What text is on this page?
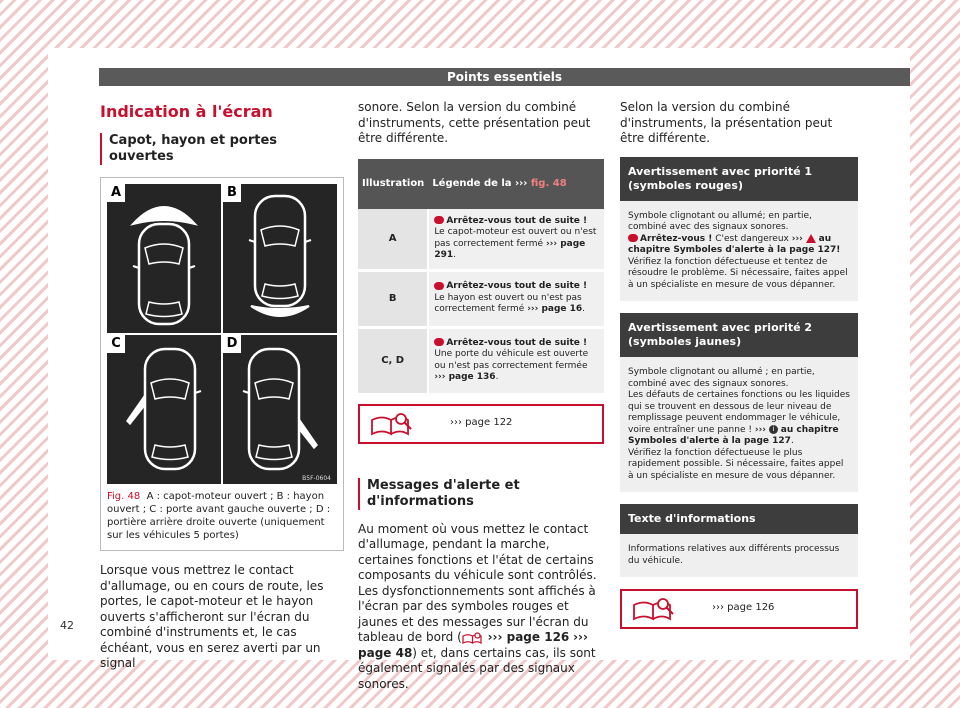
Points essentiels
Indication à l'écran
Capot, hayon et portes ouvertes
A	B
C	D
B5F-0604
Fig. 48 A : capot-moteur ouvert ; B : hayon ouvert ; C : porte avant gauche ouverte ; D : portière arrière droite ouverte (uniquement sur les véhicules 5 portes)

Lorsque vous mettrez le contact d'allumage, ou en cours de route, les portes, le capot-moteur et le hayon ouverts s'afficheront sur l'écran du combiné d'instruments et, le cas échéant, vous en serez averti par un signal

sonore. Selon la version du combiné d'instruments, cette présentation peut être différente.

Illustration	Légende de la ››› fig. 48
A	Arrêtez-vous tout de suite !
Le capot-moteur est ouvert ou n'est pas correctement fermé ››› page 291.
B	Arrêtez-vous tout de suite !
Le hayon est ouvert ou n'est pas correctement fermé ››› page 16.
C, D	Arrêtez-vous tout de suite !
Une porte du véhicule est ouverte ou n'est pas correctement fermée ››› page 136.
››› page 122
Messages d'alerte et d'informations

Au moment où vous mettez le contact d'allumage, pendant la marche, certaines fonctions et l'état de certains composants du véhicule sont contrôlés. Les dysfonctionnements sont affichés à l'écran par des symboles rouges et jaunes et des messages sur l'écran du tableau de bord ( ››› page 126 ››› page 48) et, dans certains cas, ils sont également signalés par des signaux sonores.

Selon la version du combiné d'instruments, la présentation peut être différente.

Avertissement avec priorité 1 (symboles rouges)
Symbole clignotant ou allumé; en partie, combiné avec des signaux sonores.
Arrêtez-vous ! C'est dangereux ››› au chapitre Symboles d'alerte à la page 127!
Vérifiez la fonction défectueuse et tentez de résoudre le problème. Si nécessaire, faites appel à un spécialiste en mesure de vous dépanner.
Avertissement avec priorité 2 (symboles jaunes)
Symbole clignotant ou allumé ; en partie, combiné avec des signaux sonores.
Les défauts de certaines fonctions ou les liquides qui se trouvent en dessous de leur niveau de remplissage peuvent endommager le véhicule, voire entraîner une panne ! ››› i au chapitre Symboles d'alerte à la page 127.
Vérifiez la fonction défectueuse le plus rapidement possible. Si nécessaire, faites appel à un spécialiste en mesure de vous dépanner.
Texte d'informations
Informations relatives aux différents processus du véhicule.
››› page 126
42
